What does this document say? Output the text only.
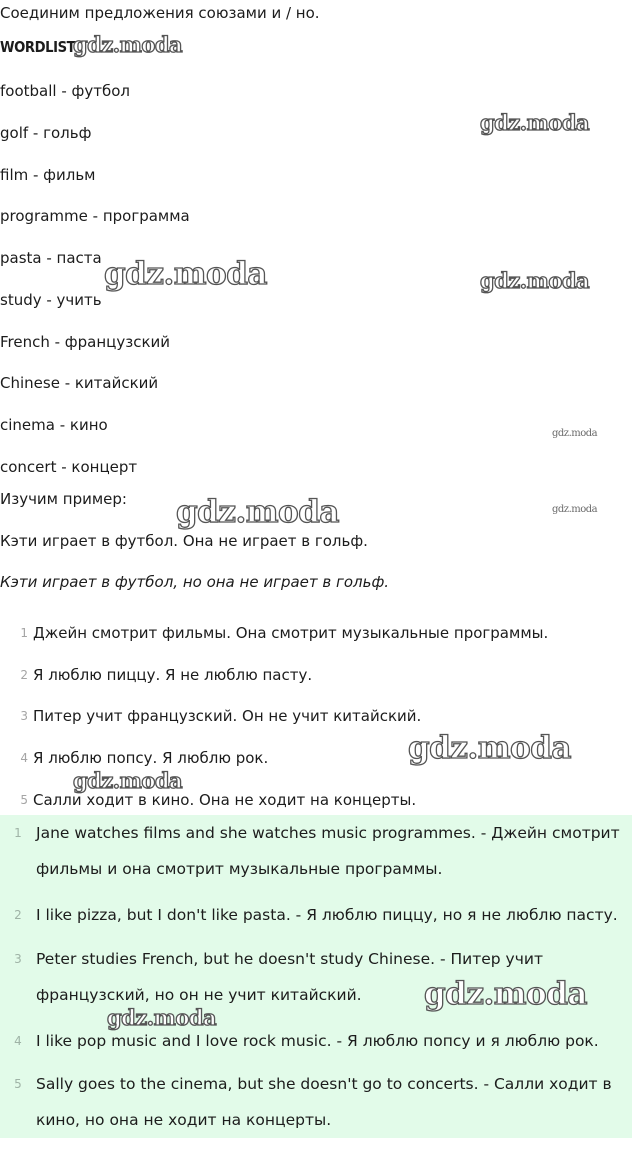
Соединим предложения союзами и / но.
WORDLIST:
football - футбол
golf - гольф
film - фильм
programme - программа
pasta - паста
study - учить
French - французский
Chinese - китайский
cinema - кино
concert - концерт
Изучим пример:
Кэти играет в футбол. Она не играет в гольф.
Кэти играет в футбол, но она не играет в гольф.
1 Джейн смотрит фильмы. Она смотрит музыкальные программы.
2 Я люблю пиццу. Я не люблю пасту.
3 Питер учит французский. Он не учит китайский.
4 Я люблю попсу. Я люблю рок.
5 Салли ходит в кино. Она не ходит на концерты.
1 Jane watches films and she watches music programmes. - Джейн смотрит фильмы и она смотрит музыкальные программы.
2 I like pizza, but I don't like pasta. - Я люблю пиццу, но я не люблю пасту.
3 Peter studies French, but he doesn't study Chinese. - Питер учит французский, но он не учит китайский.
4 I like pop music and I love rock music. - Я люблю попсу и я люблю рок.
5 Sally goes to the cinema, but she doesn't go to concerts. - Салли ходит в кино, но она не ходит на концерты.
gdz.moda
gdz.moda
gdz.moda	gdz.moda
gdz.moda
gdz.moda	gdz.moda
gdz.moda
gdz.moda
gdz.moda
gdz.moda
